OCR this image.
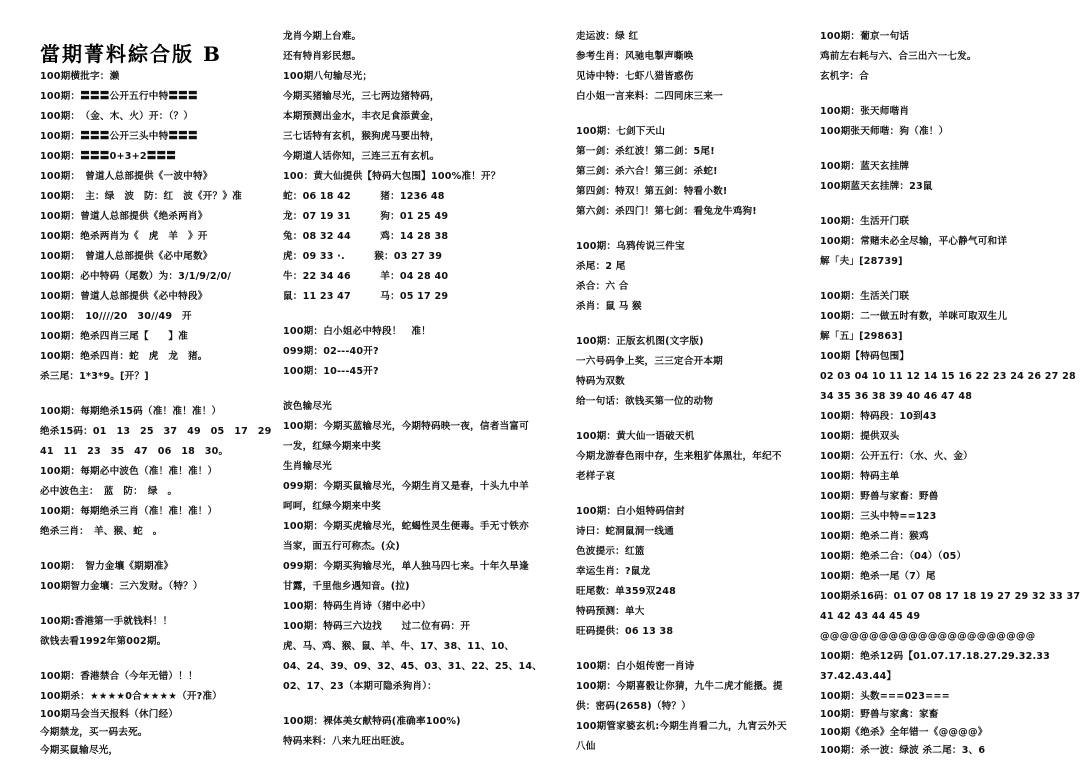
當期菁料綜合版 B
100期横批字：濑
100期：〓〓〓公开五行中特〓〓〓
100期：　（金、木、火）开：（？）
100期：〓〓〓公开三头中特〓〓〓
100期：〓〓〓0+3+2〓〓〓
100期：　曾道人总部提供《一波中特》
100期：　主：绿　波　防：红　波《开？》准
100期：曾道人总部提供《绝杀两肖》
100期：绝杀两肖为《　虎　羊　》开
100期：　曾道人总部提供《必中尾数》
100期：必中特码（尾数）为：3/1/9/2/0/
100期：曾道人总部提供《必中特段》
100期：　10////20　30//49　开
100期：绝杀四肖三尾【　　】准
100期：绝杀四肖：蛇　虎　龙　猪。
杀三尾：1*3*9。[开？]
100期：每期绝杀15码（准！准！准！）
绝杀15码：01　13　25　37　49　05　17　29
41　11　23　35　47　06　18　30。
100期：每期必中波色（准！准！准！）
必中波色主：　蓝　防：　绿　。
100期：每期绝杀三肖（准！准！准！）
绝杀三肖：　羊、猴、蛇　。
100期：　智力金壤《期期准》
100期智力金壤：三六发财。（特？）
100期:香港第一手就钱料！！
欲钱去看1992年第002期。
100期：香港禁合（今年无错）！！
100期杀：★★★★0合★★★★（开?准）
100期马会当天报料（休门经）
今期禁龙，买一码去死。
今期买鼠输尽光，
龙肖今期上台难。
还有特肖彩民想。
100期八句输尽光；
今期买猪输尽光，三七两边猪特码，
本期预测出金水，丰衣足食添黄金，
三七话特有玄机，猴狗虎马要出特，
今期道人话你知，三连三五有玄机。
100：黄大仙提供【特码大包围】100%准！开？
蛇：06 18 42　　　猪：1236 48
龙：07 19 31　　　狗：01 25 49
兔：08 32 44　　　鸡：14 28 38
虎：09 33 ·.　　　猴：03 27 39
牛：22 34 46　　　羊：04 28 40
鼠：11 23 47　　　马：05 17 29
100期：白小姐必中特段！　准！
099期：02---40开?
100期：10---45开?
波色输尽光
100期：今期买蓝输尽光，今期特码映一夜，信者当富可
一发，红绿今期来中奖
生肖输尽光
099期：今期买鼠输尽光，今期生肖又是春，十头九中羊
呵呵，红绿今期来中奖
100期：今期买虎输尽光，蛇蝎性灵生便毒。手无寸铁亦
当家，面五行可称杰。(众)
099期：今期买狗输尽光，单人独马四七来。十年久旱逢
甘露，千里他乡遇知音。(拉)
100期：特码生肖诗（猪中必中）
100期：特码三六边找　　过二位有码：开
虎、马、鸡、猴、鼠、羊、牛、17、38、11、10、
04、24、39、09、32、45、03、31、22、25、14、
02、17、23（本期可隐杀狗肖）：
100期：裸体美女献特码(准确率100%)
特码来料：八来九旺出旺波。
走运波：绿 红
参考生肖：风驰电掣声嘶唤
见诗中特：七虾八猎皆惑伤
白小姐一言来料：二四同床三来一
100期：七剑下天山
第一剑：杀红波！第二剑：5尾!
第三剑：杀六合！第三剑：杀蛇!
第四剑：特双！第五剑：特看小数!
第六剑：杀四门！第七剑：看兔龙牛鸡狗!
100期：乌鸦传说三件宝
杀尾：2 尾
杀合：六 合
杀肖：鼠 马 猴
100期：正版玄机图(文字版)
一六号码争上奖，三三定合开本期
特码为双数
给一句话：欲钱买第一位的动物
100期：黄大仙一语破天机
今期龙游春色雨中存，生来粗犷体黑壮，年纪不
老样子哀
100期：白小姐特码信封
诗曰：蛇洞鼠洞一线通
色波提示：红篮
幸运生肖：?鼠龙
旺尾数：单359双248
特码预测：单大
旺码提供：06 13 38
100期：白小姐传密一肖诗
100期：今期喜骰让你猜，九牛二虎才能摄。提
供：密码(2658)（特？）
100期管家婆玄机:今期生肖看二九，九宵云外天
八仙
100期：葡京一句话
鸡前左右耗与六、合三出六一七发。
玄机字：合
100期：张天师喈肖
100期张天师喈：狗（准！）
100期：蓝天玄挂牌
100期蓝天玄挂牌：23鼠
100期：生活开门联
100期：常赌未必全尽输，平心静气可和详
解「夫」[28739]
100期：生活关门联
100期：二一做五时有数，羊咪可取双生儿
解「五」[29863]
100期【特码包围】
02 03 04 10 11 12 14 15 16 22 23 24 26 27 28
34 35 36 38 39 40 46 47 48
100期：特码段：10到43
100期：提供双头
100期：公开五行：（水、火、金）
100期：特码主单
100期：野兽与家畜：野兽
100期：三头中特==123
100期：绝杀二肖：猴鸡
100期：绝杀二合：（04）（05）
100期：绝杀一尾（7）尾
100期杀16码：01 07 08 17 18 19 27 29 32 33 37
41 42 43 44 45 49
@@@@@@@@@@@@@@@@@@@@@@
100期：绝杀12码【01.07.17.18.27.29.32.33
37.42.43.44】
100期：头数===023===
100期：野兽与家禽：家畜
100期《绝杀》全年错一《@@@@》
100期：杀一波：绿波 杀二尾：3、6
